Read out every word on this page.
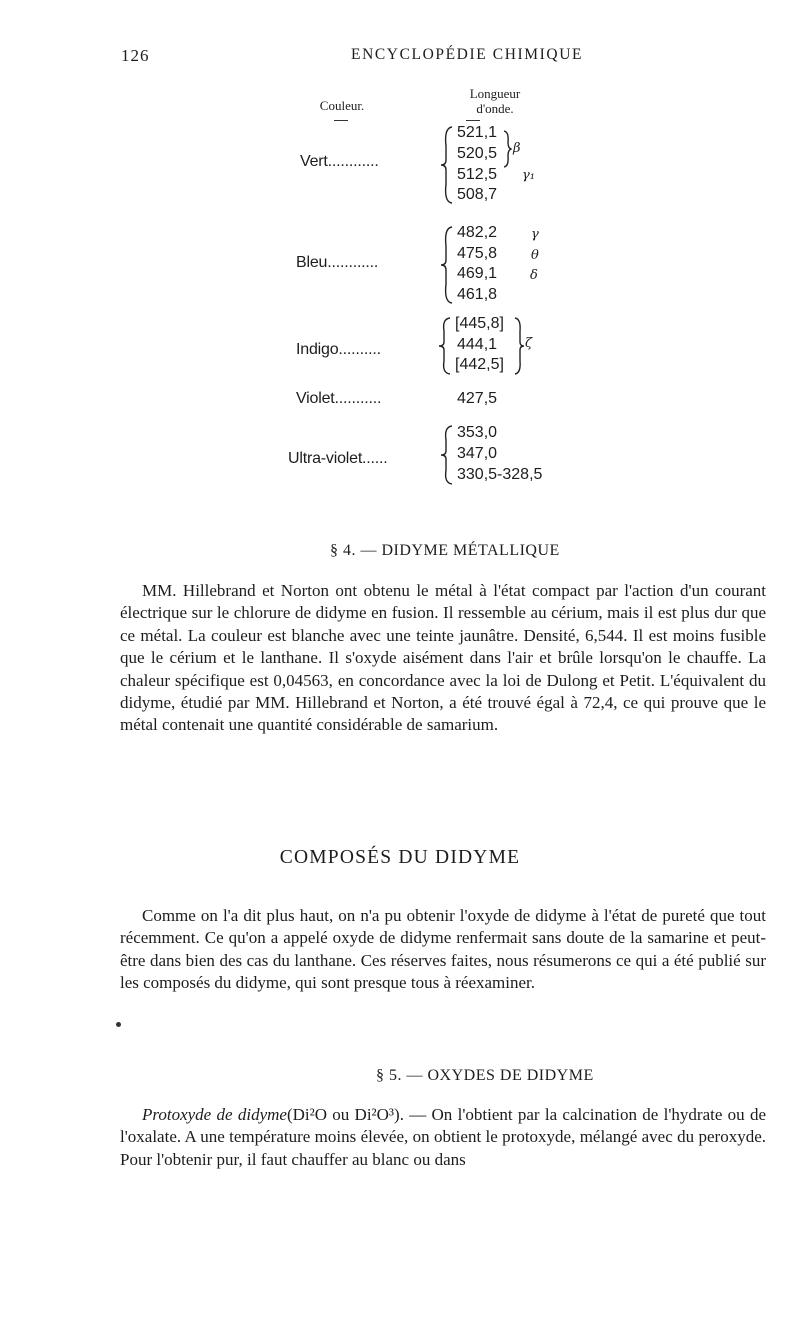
126	ENCYCLOPÉDIE CHIMIQUE
Couleur.
Longueur
d'onde.
Vert............
521,1
520,5
512,5
508,7
β
γ₁
Bleu............
482,2
475,8
469,1
461,8
γ
θ
δ
Indigo..........
[445,8]
444,1
[442,5]
ζ
Violet...........	427,5
Ultra-violet......
353,0
347,0
330,5-328,5
§ 4. — DIDYME MÉTALLIQUE

MM. Hillebrand et Norton ont obtenu le métal à l'état compact par l'action d'un courant électrique sur le chlorure de didyme en fusion. Il ressemble au cérium, mais il est plus dur que ce métal. La couleur est blanche avec une teinte jaunâtre. Densité, 6,544. Il est moins fusible que le cérium et le lanthane. Il s'oxyde aisément dans l'air et brûle lorsqu'on le chauffe. La chaleur spécifique est 0,04563, en concordance avec la loi de Dulong et Petit. L'équivalent du didyme, étudié par MM. Hillebrand et Norton, a été trouvé égal à 72,4, ce qui prouve que le métal contenait une quantité considérable de samarium.

COMPOSÉS DU DIDYME

Comme on l'a dit plus haut, on n'a pu obtenir l'oxyde de didyme à l'état de pureté que tout récemment. Ce qu'on a appelé oxyde de didyme renfermait sans doute de la samarine et peut-être dans bien des cas du lanthane. Ces réserves faites, nous résumerons ce qui a été publié sur les composés du didyme, qui sont presque tous à réexaminer.

§ 5. — OXYDES DE DIDYME

Protoxyde de didyme(Di²O ou Di²O³). — On l'obtient par la calcination de l'hydrate ou de l'oxalate. A une température moins élevée, on obtient le protoxyde, mélangé avec du peroxyde. Pour l'obtenir pur, il faut chauffer au blanc ou dans
